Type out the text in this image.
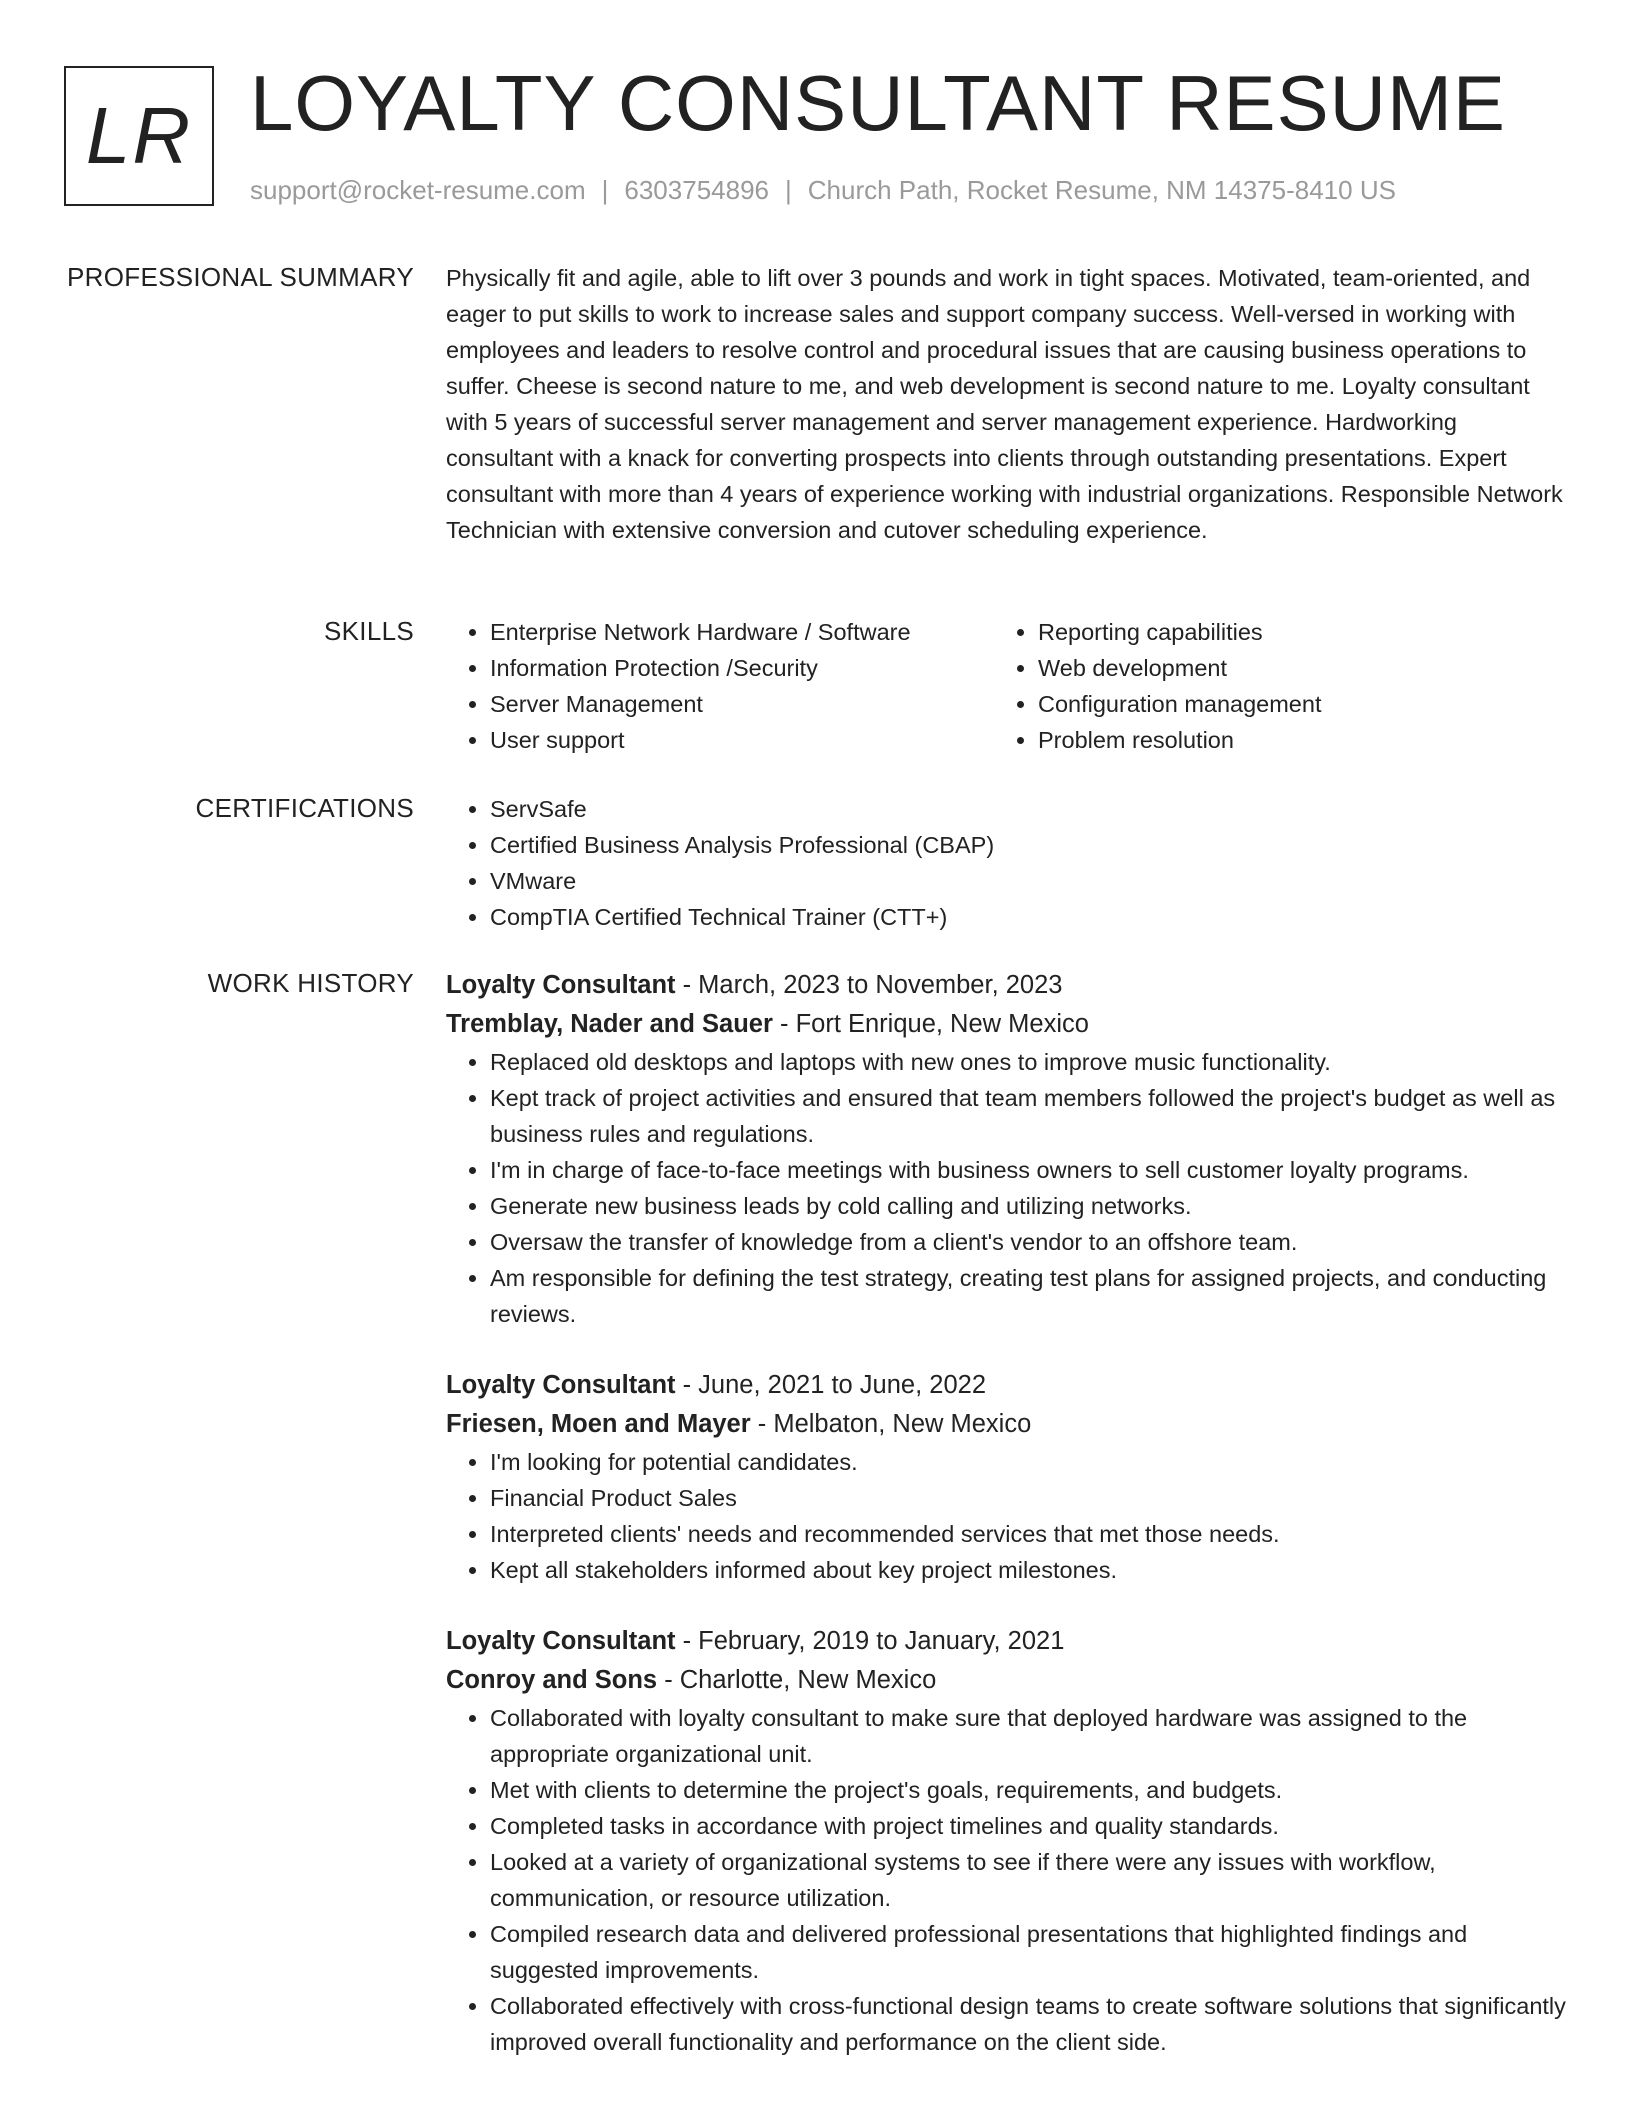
LR LOYALTY CONSULTANT RESUME
support@rocket-resume.com | 6303754896 | Church Path, Rocket Resume, NM 14375-8410 US
PROFESSIONAL SUMMARY Physically fit and agile, able to lift over 3 pounds and work in tight spaces. Motivated, team-oriented, and eager to put skills to work to increase sales and support company success. Well-versed in working with employees and leaders to resolve control and procedural issues that are causing business operations to suffer. Cheese is second nature to me, and web development is second nature to me. Loyalty consultant with 5 years of successful server management and server management experience. Hardworking consultant with a knack for converting prospects into clients through outstanding presentations. Expert consultant with more than 4 years of experience working with industrial organizations. Responsible Network Technician with extensive conversion and cutover scheduling experience.

SKILLS	• Enterprise Network Hardware / Software
• Information Protection /Security
• Server Management
• User support
• Reporting capabilities
• Web development
• Configuration management
• Problem resolution
CERTIFICATIONS	• ServSafe
• Certified Business Analysis Professional (CBAP)
• VMware
• CompTIA Certified Technical Trainer (CTT+)
WORK HISTORY Loyalty Consultant - March, 2023 to November, 2023
Tremblay, Nader and Sauer - Fort Enrique, New Mexico
• Replaced old desktops and laptops with new ones to improve music functionality.
• Kept track of project activities and ensured that team members followed the project's budget as well as business rules and regulations.
• I'm in charge of face-to-face meetings with business owners to sell customer loyalty programs.
• Generate new business leads by cold calling and utilizing networks.
• Oversaw the transfer of knowledge from a client's vendor to an offshore team.
• Am responsible for defining the test strategy, creating test plans for assigned projects, and conducting reviews.
Loyalty Consultant - June, 2021 to June, 2022
Friesen, Moen and Mayer - Melbaton, New Mexico
• I'm looking for potential candidates.
• Financial Product Sales
• Interpreted clients' needs and recommended services that met those needs.
• Kept all stakeholders informed about key project milestones.
Loyalty Consultant - February, 2019 to January, 2021
Conroy and Sons - Charlotte, New Mexico
• Collaborated with loyalty consultant to make sure that deployed hardware was assigned to the appropriate organizational unit.
• Met with clients to determine the project's goals, requirements, and budgets.
• Completed tasks in accordance with project timelines and quality standards.
• Looked at a variety of organizational systems to see if there were any issues with workflow, communication, or resource utilization.
• Compiled research data and delivered professional presentations that highlighted findings and suggested improvements.
• Collaborated effectively with cross-functional design teams to create software solutions that significantly improved overall functionality and performance on the client side.
